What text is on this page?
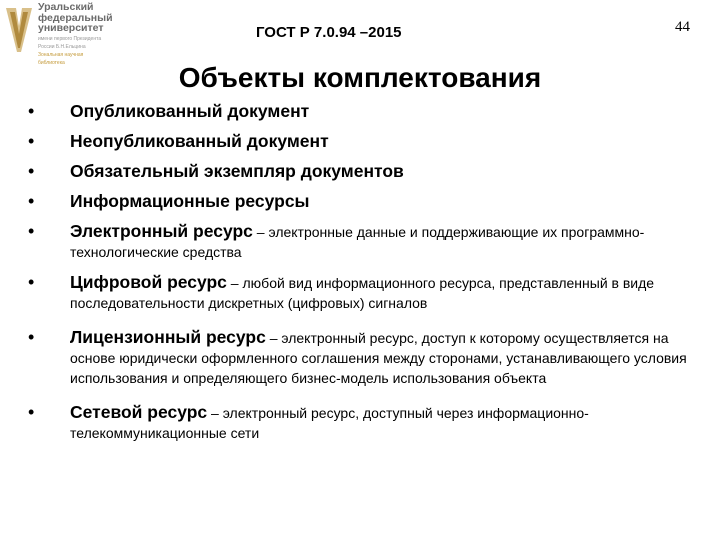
Уральский
федеральный
университет
имени первого Президента
России Б.Н.Ельцина
Зональная научная
библиотека
ГОСТ Р 7.0.94 –2015	44
Объекты комплектования
• Опубликованный документ
• Неопубликованный документ
• Обязательный экземпляр документов
• Информационные ресурсы
• Электронный ресурс – электронные данные и поддерживающие их программно-технологические средства
• Цифровой ресурс – любой вид информационного ресурса, представленный в виде последовательности дискретных (цифровых) сигналов
• Лицензионный ресурс – электронный ресурс, доступ к которому осуществляется на основе юридически оформленного соглашения между сторонами, устанавливающего условия использования и определяющего бизнес-модель использования объекта
• Сетевой ресурс – электронный ресурс, доступный через информационно-телекоммуникационные сети
